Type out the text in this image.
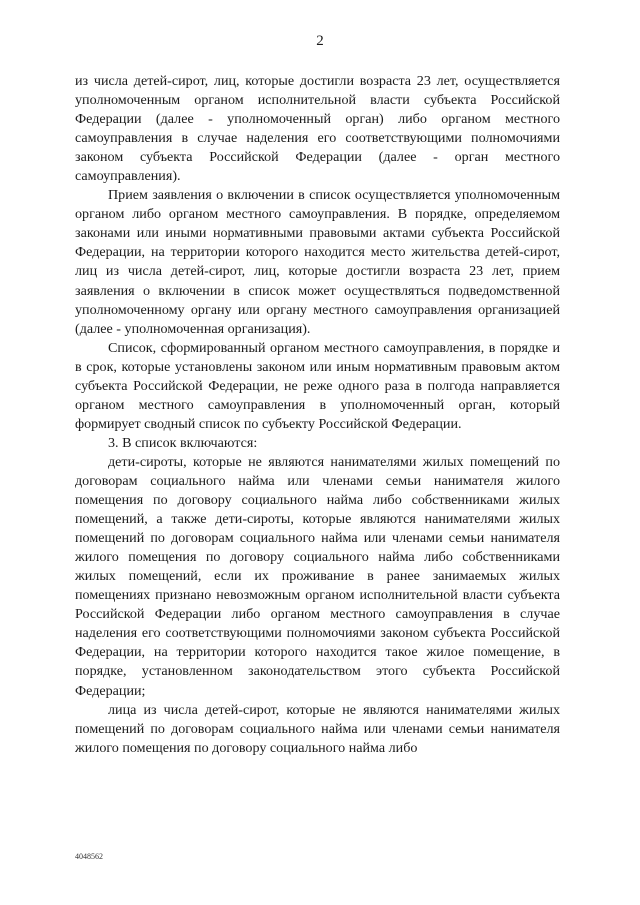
2

из числа детей-сирот, лиц, которые достигли возраста 23 лет, осуществляется уполномоченным органом исполнительной власти субъекта Российской Федерации (далее - уполномоченный орган) либо органом местного самоуправления в случае наделения его соответствующими полномочиями законом субъекта Российской Федерации (далее - орган местного самоуправления).

Прием заявления о включении в список осуществляется уполномоченным органом либо органом местного самоуправления. В порядке, определяемом законами или иными нормативными правовыми актами субъекта Российской Федерации, на территории которого находится место жительства детей-сирот, лиц из числа детей-сирот, лиц, которые достигли возраста 23 лет, прием заявления о включении в список может осуществляться подведомственной уполномоченному органу или органу местного самоуправления организацией (далее - уполномоченная организация).

Список, сформированный органом местного самоуправления, в порядке и в срок, которые установлены законом или иным нормативным правовым актом субъекта Российской Федерации, не реже одного раза в полгода направляется органом местного самоуправления в уполномоченный орган, который формирует сводный список по субъекту Российской Федерации.

3. В список включаются:

дети-сироты, которые не являются нанимателями жилых помещений по договорам социального найма или членами семьи нанимателя жилого помещения по договору социального найма либо собственниками жилых помещений, а также дети-сироты, которые являются нанимателями жилых помещений по договорам социального найма или членами семьи нанимателя жилого помещения по договору социального найма либо собственниками жилых помещений, если их проживание в ранее занимаемых жилых помещениях признано невозможным органом исполнительной власти субъекта Российской Федерации либо органом местного самоуправления в случае наделения его соответствующими полномочиями законом субъекта Российской Федерации, на территории которого находится такое жилое помещение, в порядке, установленном законодательством этого субъекта Российской Федерации;

лица из числа детей-сирот, которые не являются нанимателями жилых помещений по договорам социального найма или членами семьи нанимателя жилого помещения по договору социального найма либо

4048562
